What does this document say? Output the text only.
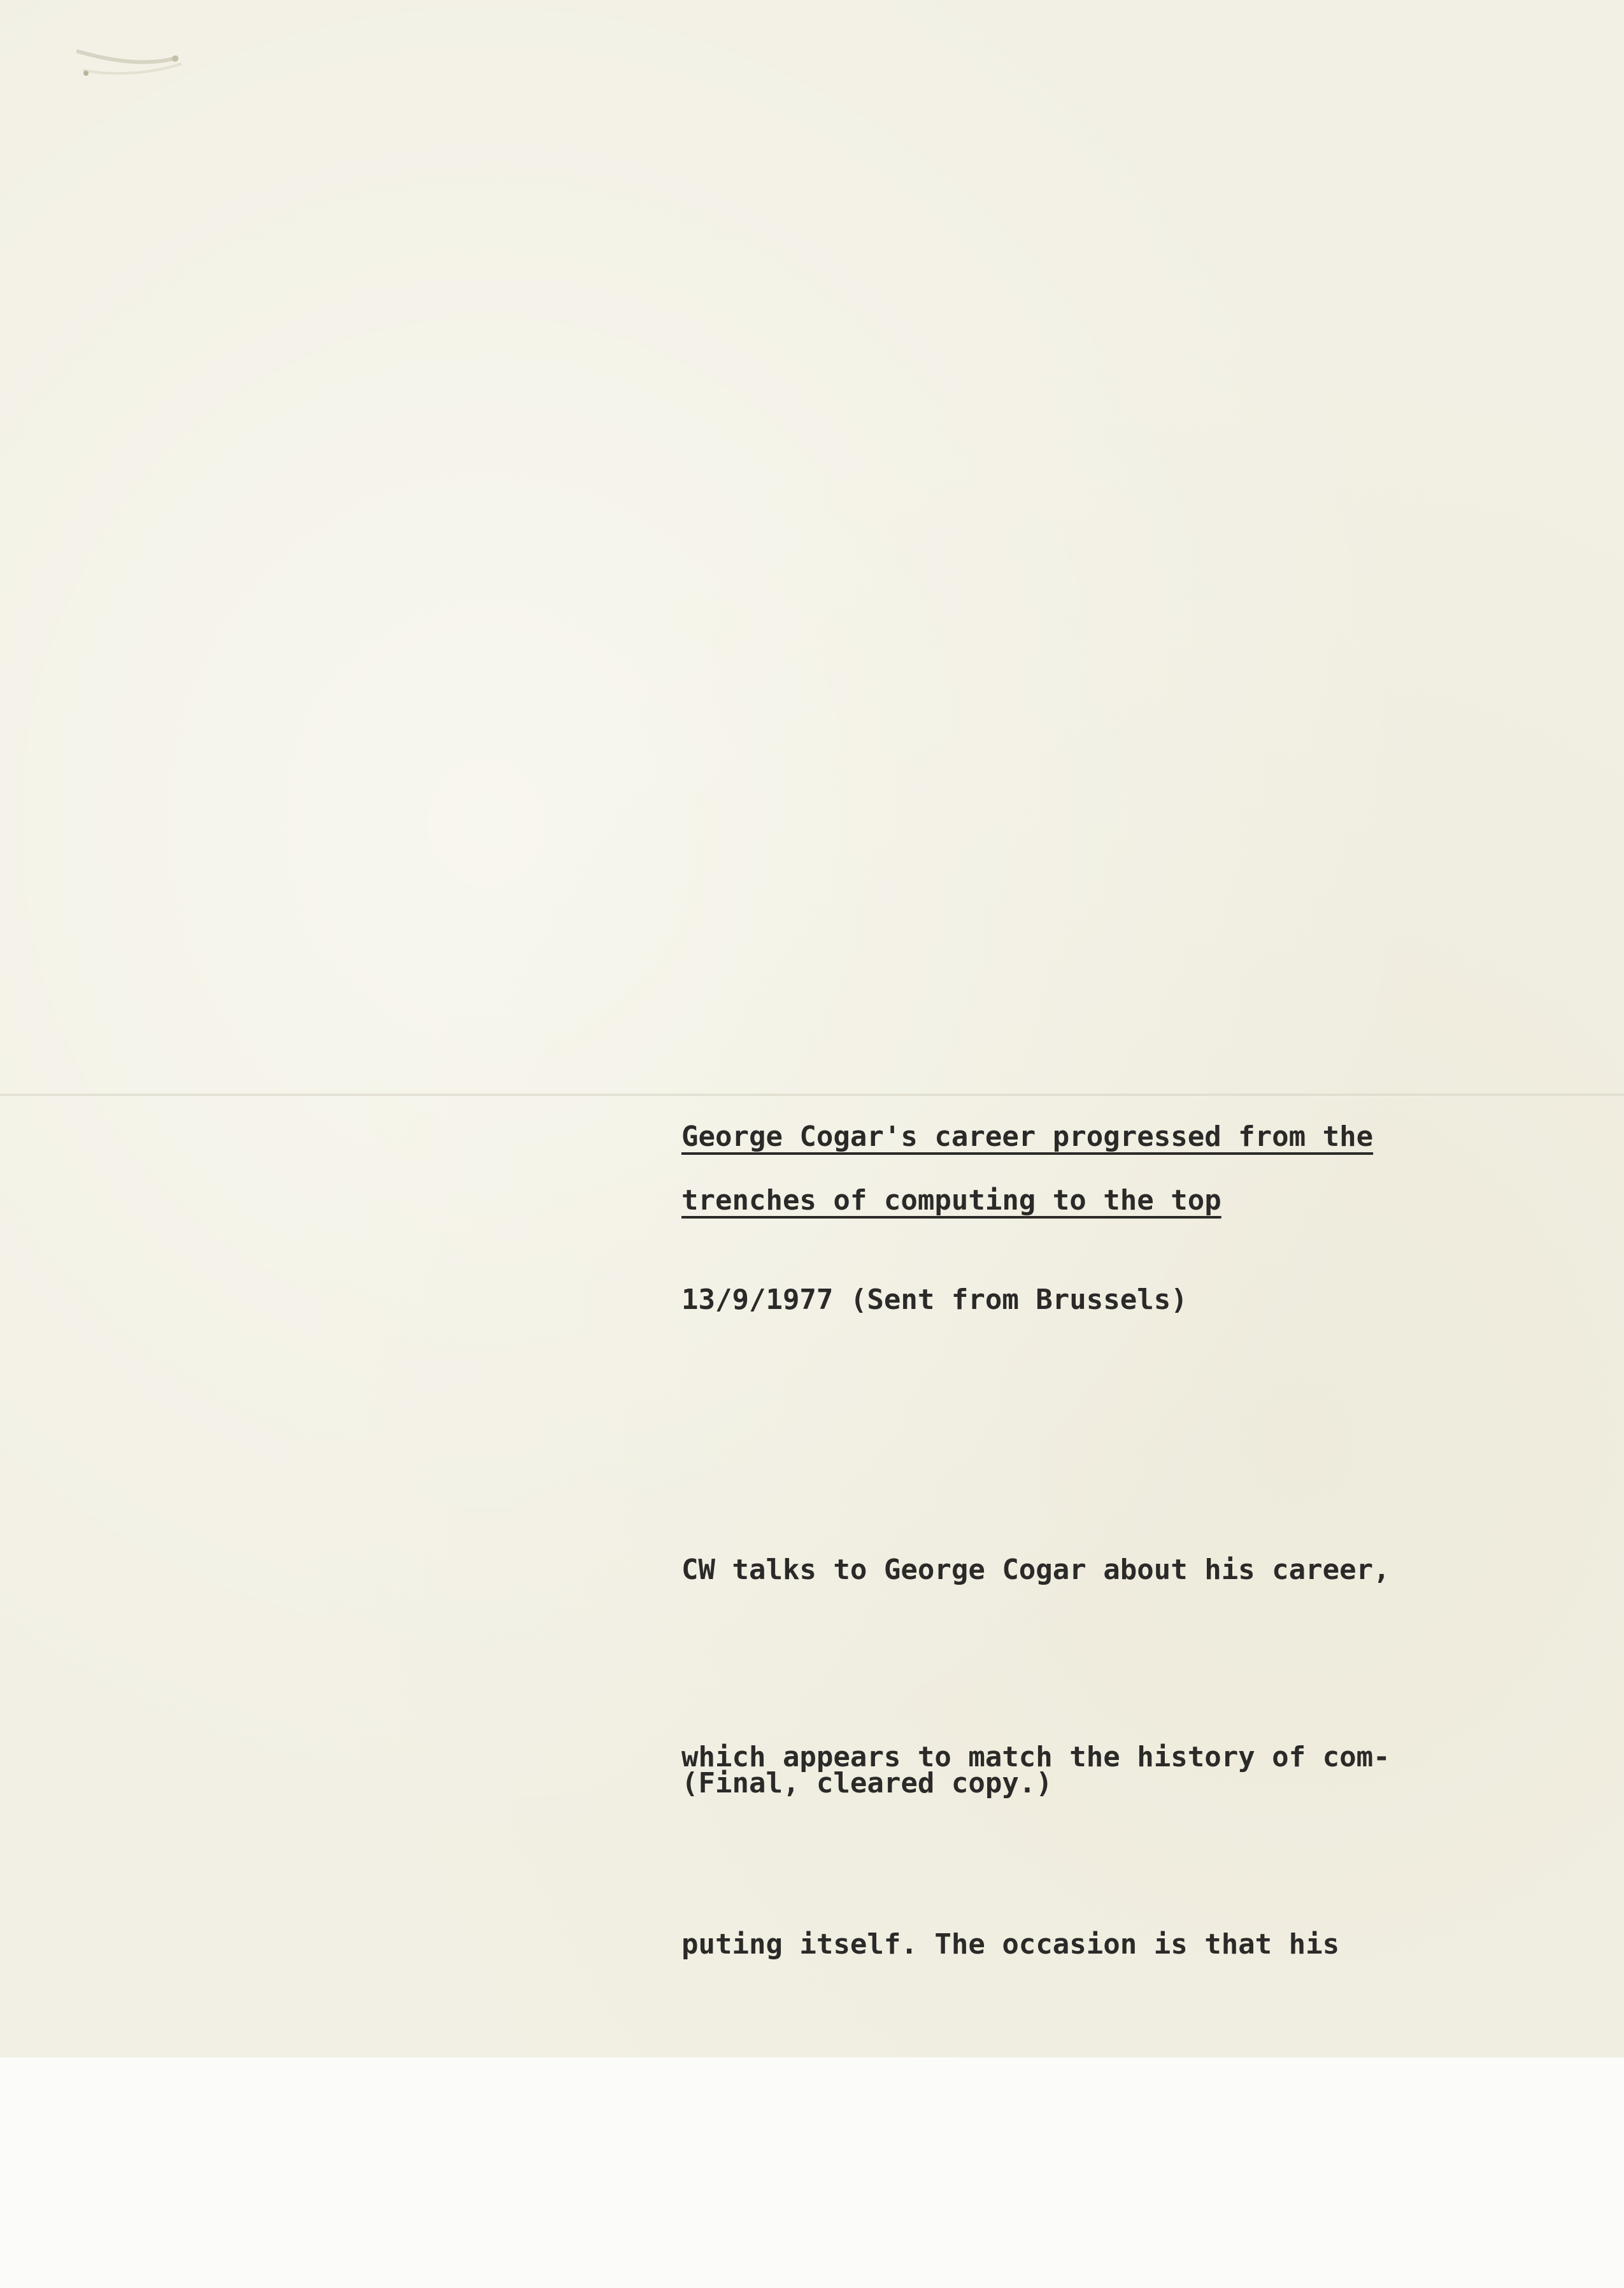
George Cogar's career progressed from the

trenches of computing to the top

13/9/1977 (Sent from Brussels)

CW talks to George Cogar about his career,

which appears to match the history of com-

puting itself. The occasion is that his

(Final, cleared copy.)
